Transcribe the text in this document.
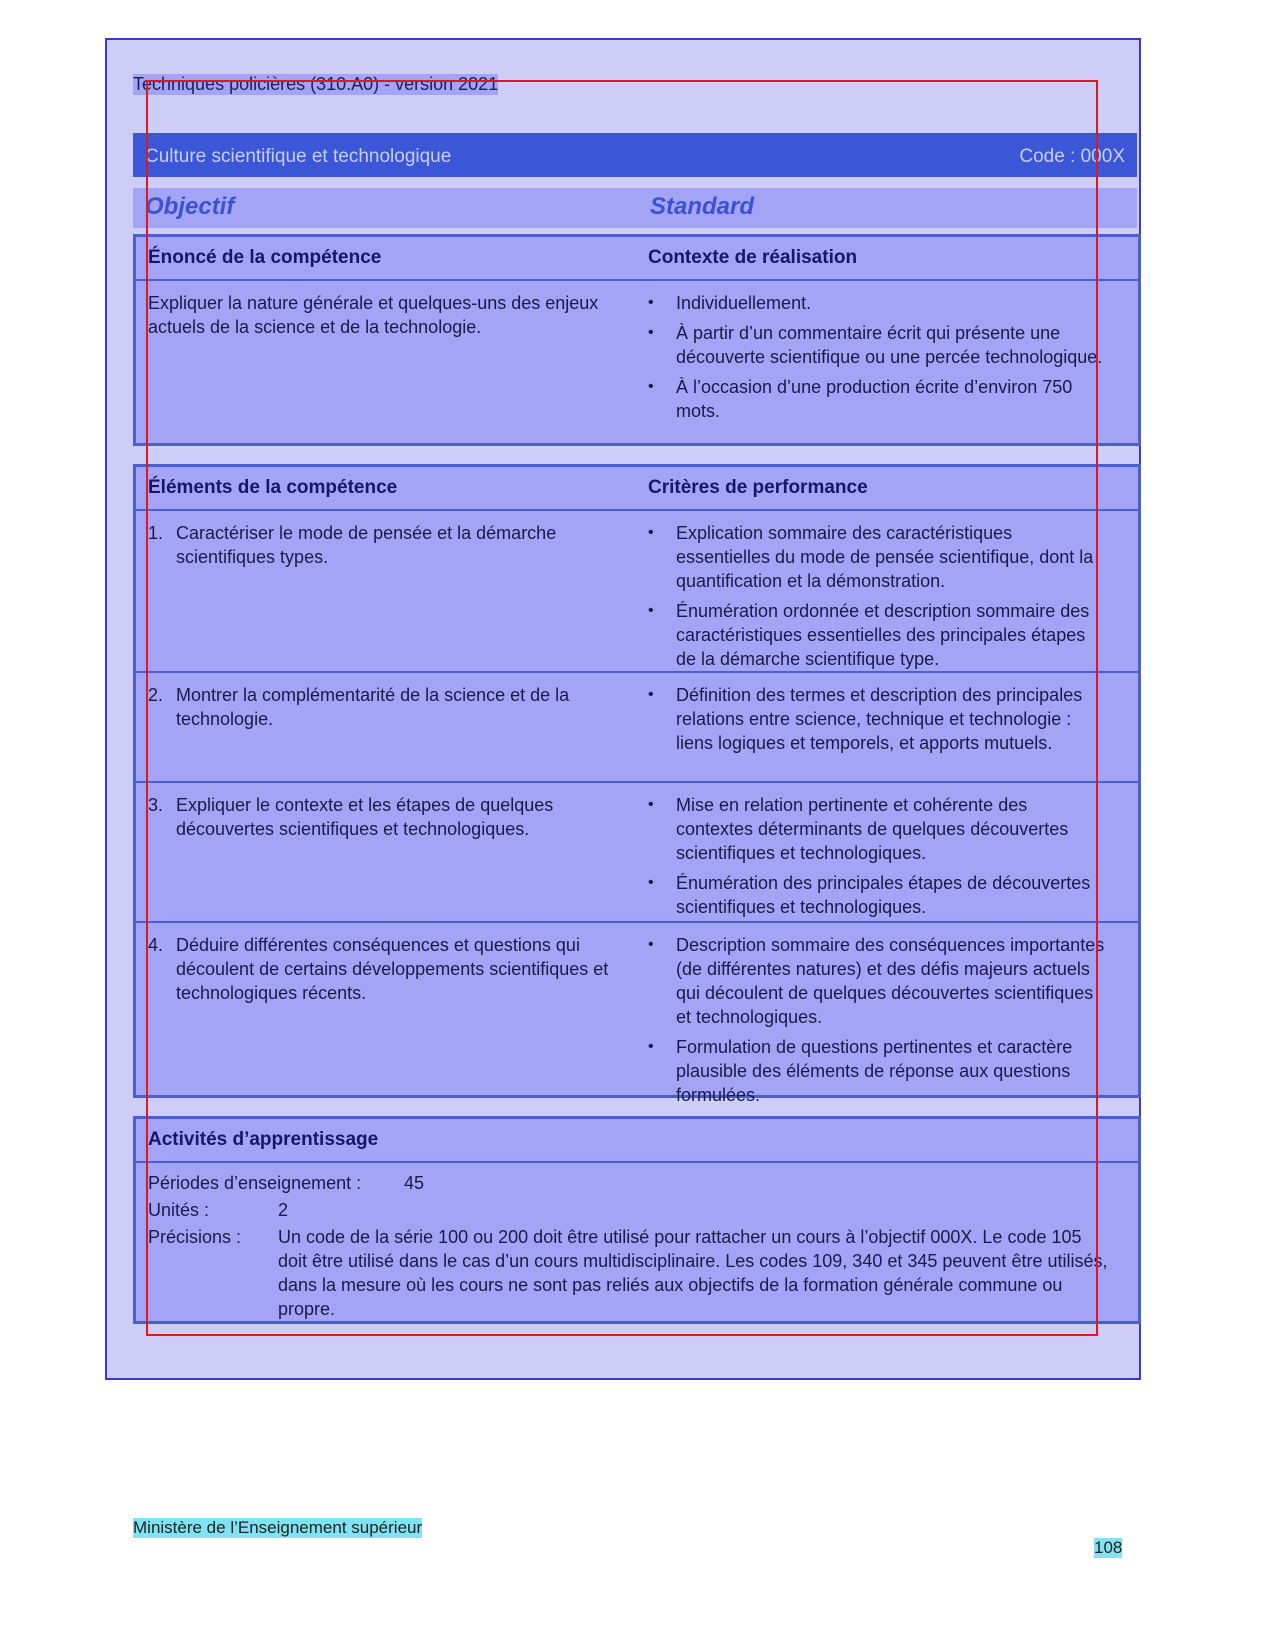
Techniques policières (310.A0) - version 2021
Culture scientifique et technologique	Code : 000X
Objectif	Standard
Énoncé de la compétence	Contexte de réalisation
Expliquer la nature générale et quelques-uns des enjeux actuels de la science et de la technologie.
•	Individuellement.
•	À partir d’un commentaire écrit qui présente une découverte scientifique ou une percée technologique.
•	À l’occasion d’une production écrite d’environ 750 mots.
Éléments de la compétence	Critères de performance
1. Caractériser le mode de pensée et la démarche scientifiques types.
•	Explication sommaire des caractéristiques essentielles du mode de pensée scientifique, dont la quantification et la démonstration.
•	Énumération ordonnée et description sommaire des caractéristiques essentielles des principales étapes de la démarche scientifique type.
2. Montrer la complémentarité de la science et de la technologie.
•	Définition des termes et description des principales relations entre science, technique et technologie : liens logiques et temporels, et apports mutuels.
3. Expliquer le contexte et les étapes de quelques découvertes scientifiques et technologiques.
•	Mise en relation pertinente et cohérente des contextes déterminants de quelques découvertes scientifiques et technologiques.
•	Énumération des principales étapes de découvertes scientifiques et technologiques.
4. Déduire différentes conséquences et questions qui découlent de certains développements scientifiques et technologiques récents.
•	Description sommaire des conséquences importantes (de différentes natures) et des défis majeurs actuels qui découlent de quelques découvertes scientifiques et technologiques.
•	Formulation de questions pertinentes et caractère plausible des éléments de réponse aux questions formulées.
Activités d’apprentissage
Périodes d’enseignement : 45
Unités :	2
Précisions : Un code de la série 100 ou 200 doit être utilisé pour rattacher un cours à l’objectif 000X. Le code 105 doit être utilisé dans le cas d’un cours multidisciplinaire. Les codes 109, 340 et 345 peuvent être utilisés, dans la mesure où les cours ne sont pas reliés aux objectifs de la formation générale commune ou propre.
Ministère de l’Enseignement supérieur
108
